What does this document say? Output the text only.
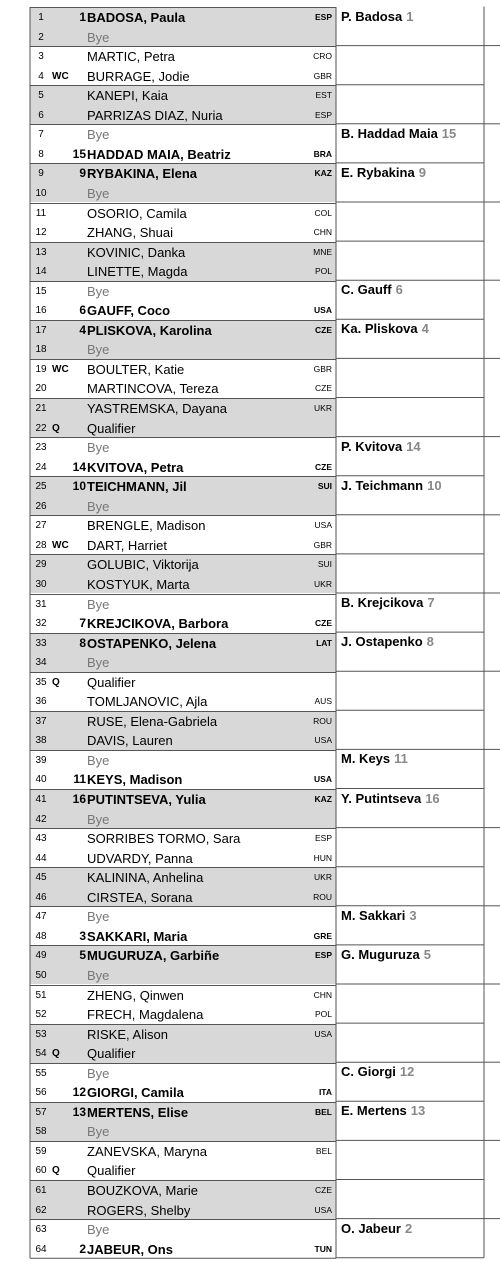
1	1 BADOSA, Paula	ESP
2	Bye
P. Badosa 1
3	MARTIC, Petra	CRO
4 WC BURRAGE, Jodie	GBR
5	KANEPI, Kaia	EST
6	PARRIZAS DIAZ, Nuria	ESP
7	Bye
8	15 HADDAD MAIA, Beatriz	BRA
B. Haddad Maia 15
9	9 RYBAKINA, Elena	KAZ
10	Bye
E. Rybakina 9
11	OSORIO, Camila	COL
12	ZHANG, Shuai	CHN
13	KOVINIC, Danka	MNE
14	LINETTE, Magda	POL
15	Bye
16	6 GAUFF, Coco	USA
C. Gauff 6
17	4 PLISKOVA, Karolina	CZE
18	Bye
Ka. Pliskova 4
19 WC BOULTER, Katie	GBR
20	MARTINCOVA, Tereza	CZE
21	YASTREMSKA, Dayana	UKR
22 Q Qualifier
23	Bye
24	14 KVITOVA, Petra	CZE
P. Kvitova 14
25	10 TEICHMANN, Jil	SUI
26	Bye
J. Teichmann 10
27	BRENGLE, Madison	USA
28 WC DART, Harriet	GBR
29	GOLUBIC, Viktorija	SUI
30	KOSTYUK, Marta	UKR
31	Bye
32	7 KREJCIKOVA, Barbora	CZE
B. Krejcikova 7
33	8 OSTAPENKO, Jelena	LAT
34	Bye
J. Ostapenko 8
35 Q Qualifier
36	TOMLJANOVIC, Ajla	AUS
37	RUSE, Elena-Gabriela	ROU
38	DAVIS, Lauren	USA
39	Bye
40	11 KEYS, Madison	USA
M. Keys 11
41	16 PUTINTSEVA, Yulia	KAZ
42	Bye
Y. Putintseva 16
43	SORRIBES TORMO, Sara	ESP
44	UDVARDY, Panna	HUN
45	KALININA, Anhelina	UKR
46	CIRSTEA, Sorana	ROU
47	Bye
48	3 SAKKARI, Maria	GRE
M. Sakkari 3
49	5 MUGURUZA, Garbiñe	ESP
50	Bye
G. Muguruza 5
51	ZHENG, Qinwen	CHN
52	FRECH, Magdalena	POL
53	RISKE, Alison	USA
54 Q Qualifier
55	Bye
56	12 GIORGI, Camila	ITA
C. Giorgi 12
57	13 MERTENS, Elise	BEL
58	Bye
E. Mertens 13
59	ZANEVSKA, Maryna	BEL
60 Q Qualifier
61	BOUZKOVA, Marie	CZE
62	ROGERS, Shelby	USA
63	Bye
64	2 JABEUR, Ons	TUN
O. Jabeur 2
